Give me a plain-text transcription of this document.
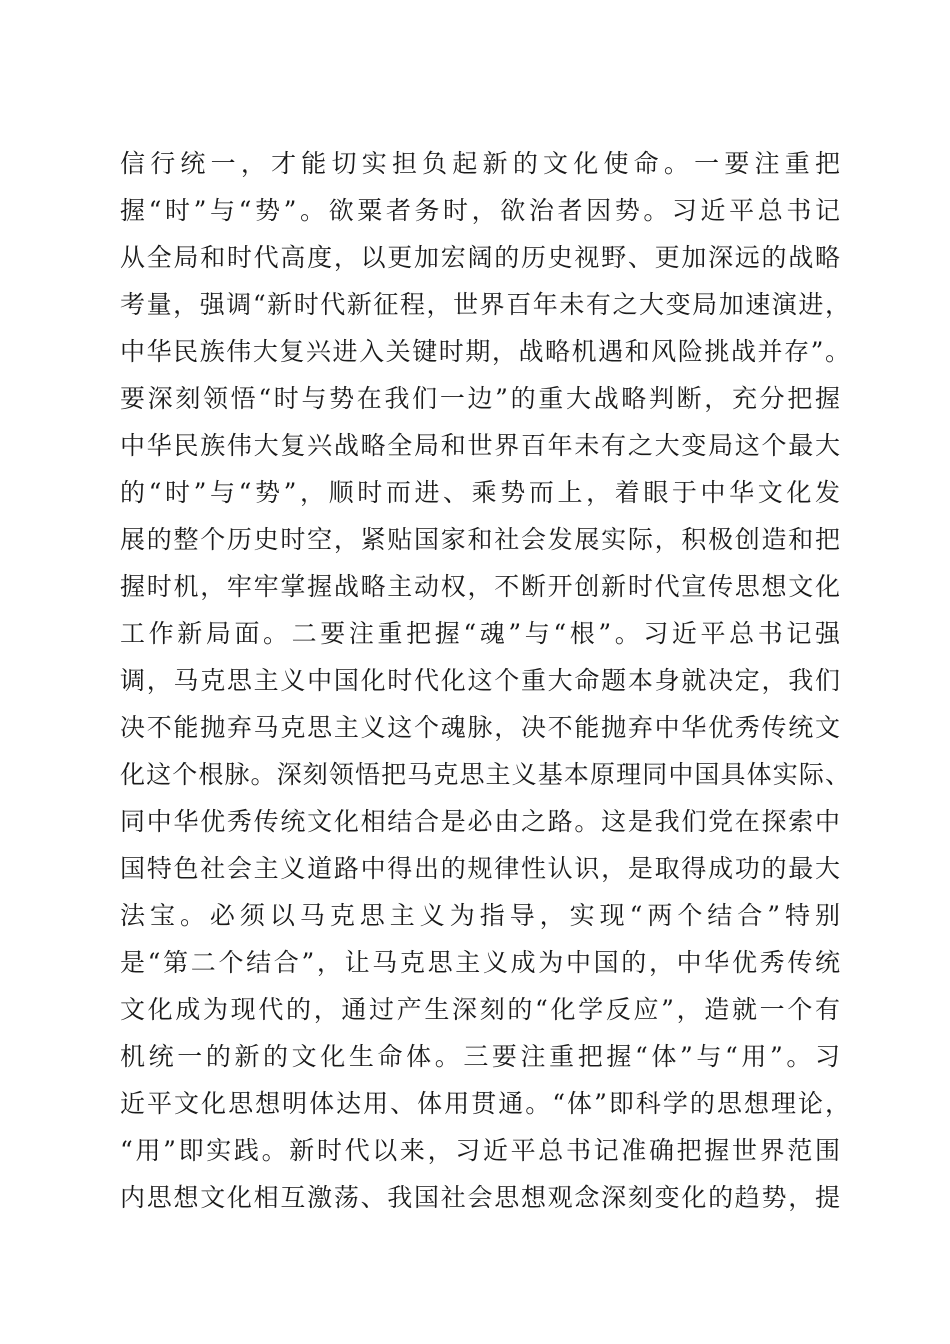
信行统一，才能切实担负起新的文化使命。一要注重把
握“时”与“势”。欲粟者务时，欲治者因势。习近平总书记
从全局和时代高度，以更加宏阔的历史视野、更加深远的战略
考量，强调“新时代新征程，世界百年未有之大变局加速演进，
中华民族伟大复兴进入关键时期，战略机遇和风险挑战并存”。
要深刻领悟“时与势在我们一边”的重大战略判断，充分把握
中华民族伟大复兴战略全局和世界百年未有之大变局这个最大
的“时”与“势”，顺时而进、乘势而上，着眼于中华文化发
展的整个历史时空，紧贴国家和社会发展实际，积极创造和把
握时机，牢牢掌握战略主动权，不断开创新时代宣传思想文化
工作新局面。二要注重把握“魂”与“根”。习近平总书记强
调，马克思主义中国化时代化这个重大命题本身就决定，我们
决不能抛弃马克思主义这个魂脉，决不能抛弃中华优秀传统文
化这个根脉。深刻领悟把马克思主义基本原理同中国具体实际、
同中华优秀传统文化相结合是必由之路。这是我们党在探索中
国特色社会主义道路中得出的规律性认识，是取得成功的最大
法宝。必须以马克思主义为指导，实现“两个结合”特别
是“第二个结合”，让马克思主义成为中国的，中华优秀传统
文化成为现代的，通过产生深刻的“化学反应”，造就一个有
机统一的新的文化生命体。三要注重把握“体”与“用”。习
近平文化思想明体达用、体用贯通。“体”即科学的思想理论，
“用”即实践。新时代以来，习近平总书记准确把握世界范围
内思想文化相互激荡、我国社会思想观念深刻变化的趋势，提
